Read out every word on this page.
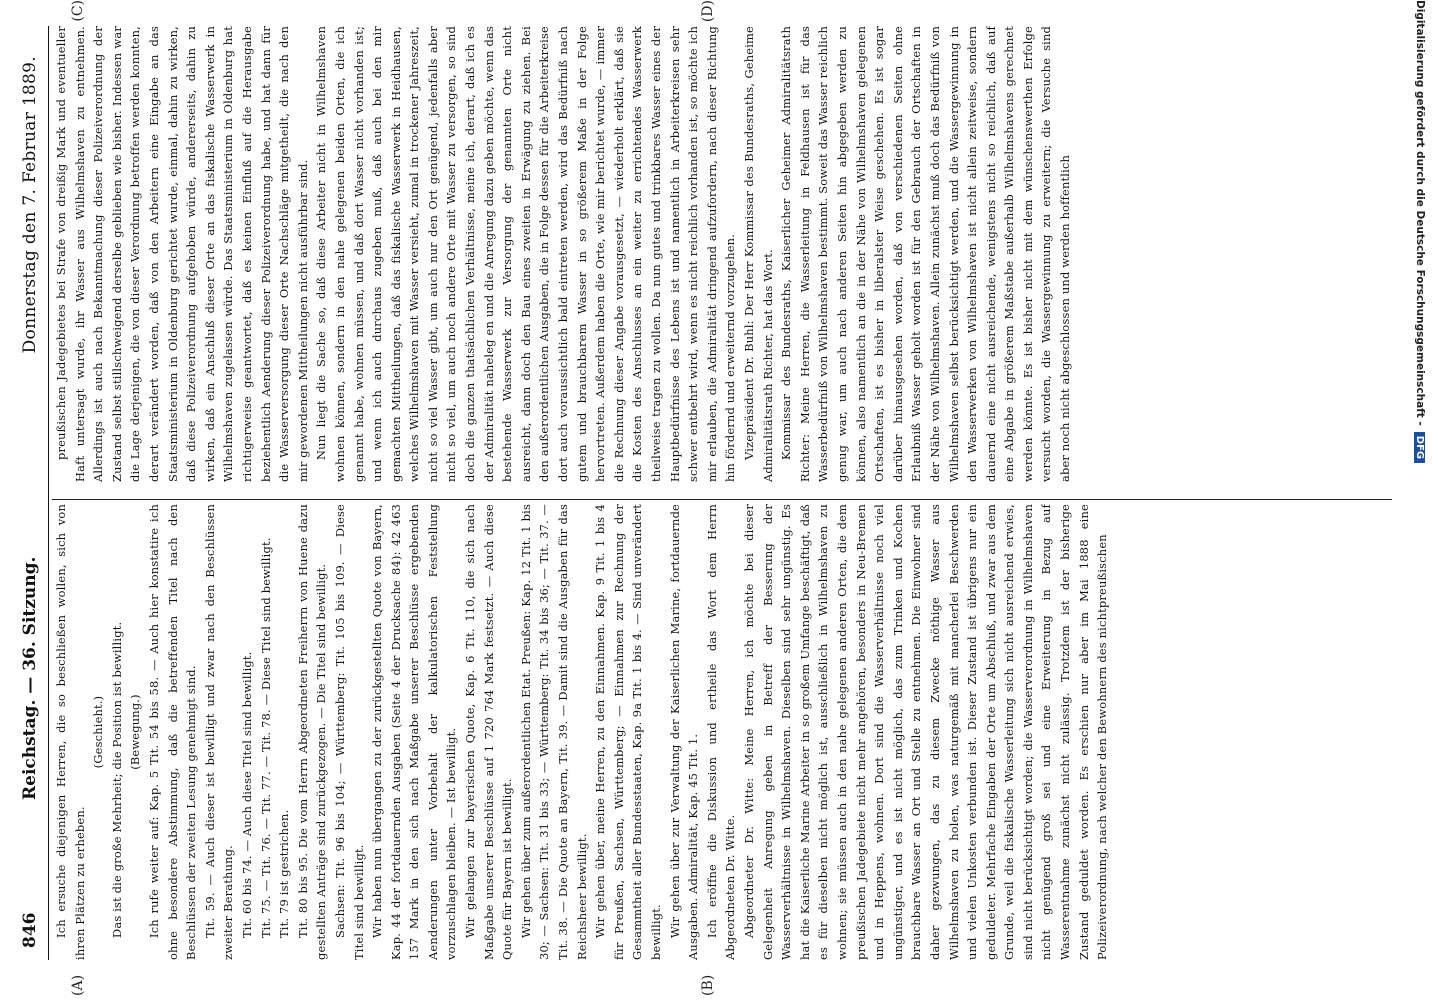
846
Reichstag. — 36. Sitzung.
Donnerstag den 7. Februar 1889.

Ich ersuche diejenigen Herren, die so beschließen wollen, sich von ihren Plätzen zu erheben.

(Geschieht.) Das ist die große Mehrheit; die Position ist bewilligt. (Bewegung.) Ich rufe weiter auf: Kap. 5 Tit. 54 bis 58. — Auch hier konstatire ich ohne besondere Abstimmung, daß die betreffenden Titel nach den Beschlüssen der zweiten Lesung genehmigt sind. Tit. 59. — Auch dieser ist bewilligt und zwar nach den Beschlüssen zweiter Berathung. Tit. 60 bis 74. — Auch diese Titel sind bewilligt. Tit. 75. — Tit. 76. — Tit. 77. — Tit. 78. — Diese Titel sind bewilligt. Tit. 79 ist gestrichen. Tit. 80 bis 95. Die vom Herrn Abgeordneten Freiherrn von Huene dazu gestellten Anträge sind zurückgezogen. — Die Titel sind bewilligt. Sachsen: Tit. 96 bis 104; — Württemberg: Tit. 105 bis 109. — Diese Titel sind bewilligt. Wir haben nun übergangen zu der zurückgestellten Quote von Bayern, Kap. 44 der fortdauernden Ausgaben (Seite 4 der Drucksache 84): 42 463 157 Mark in den sich nach Maßgabe unserer Beschlüsse ergebenden Aenderungen unter Vorbehalt der kalkulatorischen Feststellung vorzuschlagen bleiben. — Ist bewilligt. Wir gelangen zur bayerischen Quote, Kap. 6 Tit. 110, die sich nach Maßgabe unserer Beschlüsse auf 1 720 764 Mark festsetzt. — Auch diese Quote für Bayern ist bewilligt. Wir gehen über zum außerordentlichen Etat. Preußen: Kap. 12 Tit. 1 bis 30; — Sachsen: Tit. 31 bis 33; — Württemberg: Tit. 34 bis 36; — Tit. 37. — Tit. 38. — Die Quote an Bayern, Tit. 39. — Damit sind die Ausgaben für das Reichsheer bewilligt. Wir gehen über, meine Herren, zu den Einnahmen. Kap. 9 Tit. 1 bis 4 für Preußen, Sachsen, Württemberg; — Einnahmen zur Rechnung der Gesammtheit aller Bundesstaaten, Kap. 9a Tit. 1 bis 4. — Sind unverändert bewilligt. Wir gehen über zur Verwaltung der Kaiserlichen Marine, fortdauernde Ausgaben. Admiralität, Kap. 45 Tit. 1. Ich eröffne die Diskussion und ertheile das Wort dem Herrn Abgeordneten Dr. Witte. Abgeordneter Dr. Witte: Meine Herren, ich möchte bei dieser Gelegenheit Anregung geben in Betreff der Besserung der Wasserverhältnisse in Wilhelmshaven. Dieselben sind sehr ungünstig. Es hat die Kaiserliche Marine Arbeiter in so großem Umfange beschäftigt, daß es für dieselben nicht möglich ist, ausschließlich in Wilhelmshaven zu wohnen; sie müssen auch in den nahe gelegenen anderen Orten, die dem preußischen Jadegebiete nicht mehr angehören, besonders in Neu-Bremen und in Heppens, wohnen. Dort sind die Wasserverhältnisse noch viel ungünstiger, und es ist nicht möglich, das zum Trinken und Kochen brauchbare Wasser an Ort und Stelle zu entnehmen. Die Einwohner sind daher gezwungen, das zu diesem Zwecke nöthige Wasser aus Wilhelmshaven zu holen, was naturgemäß mit mancherlei Beschwerden und vielen Unkosten verbunden ist. Dieser Zustand ist übrigens nur ein geduldeter. Mehrfache Eingaben der Orte um Abschluß, und zwar aus dem Grunde, weil die fiskalische Wasserleitung sich nicht ausreichend erwies, sind nicht berücksichtigt worden; die Wasserverordnung in Wilhelmshaven nicht genügend groß sei und eine Erweiterung in Bezug auf Wasserentnahme zunächst nicht zulässig. Trotzdem ist der bisherige Zustand geduldet worden. Es erschien nur aber im Mai 1888 eine Polizeiverordnung, nach welcher den Bewohnern des nichtpreußischen

preußischen Jadegebietes bei Strafe von dreißig Mark und eventueller Haft untersagt wurde, ihr Wasser aus Wilhelmshaven zu entnehmen. Allerdings ist auch nach Bekanntmachung dieser Polizeiverordnung der Zustand selbst stillschweigend derselbe geblieben wie bisher. Indessen war die Lage derjenigen, die von dieser Verordnung betroffen werden konnten, derart verändert worden, daß von den Arbeitern eine Eingabe an das Staatsministerium in Oldenburg gerichtet wurde, einmal, dahin zu wirken, daß diese Polizeiverordnung aufgehoben würde, andererseits, dahin zu wirken, daß ein Anschluß dieser Orte an das fiskalische Wasserwerk in Wilhelmshaven zugelassen würde. Das Staatsministerium in Oldenburg hat richtigerweise geantwortet, daß es keinen Einfluß auf die Herausgabe beziehentlich Aenderung dieser Polizeiverordnung habe, und hat dann für die Wasserversorgung dieser Orte Nachschläge mitgetheilt, die nach den mir gewordenen Mittheilungen nicht ausführbar sind. Nun liegt die Sache so, daß diese Arbeiter nicht in Wilhelmshaven wohnen können, sondern in den nahe gelegenen beiden Orten, die ich genannt habe, wohnen müssen, und daß dort Wasser nicht vorhanden ist; und wenn ich auch durchaus zugeben muß, daß auch bei den mir gemachten Mittheilungen, daß das fiskalische Wasserwerk in Heidhausen, welches Wilhelmshaven mit Wasser versieht, zumal in trockener Jahreszeit, nicht so viel Wasser gibt, um auch nur den Ort genügend, jedenfalls aber nicht so viel, um auch noch andere Orte mit Wasser zu versorgen, so sind doch die ganzen thatsächlichen Verhältnisse, meine ich, derart, daß ich es der Admiralität naheleg en und die Anregung dazu geben möchte, wenn das bestehende Wasserwerk zur Versorgung der genannten Orte nicht ausreicht, dann doch den Bau eines zweiten in Erwägung zu ziehen. Bei den außerordentlichen Ausgaben, die in Folge dessen für die Arbeiterkreise dort auch voraussichtlich bald eintreten werden, wird das Bedürfniß nach gutem und brauchbarem Wasser in so größerem Maße in der Folge hervortreten. Außerdem haben die Orte, wie mir berichtet wurde, — immer die Rechnung dieser Angabe vorausgesetzt, — wiederholt erklärt, daß sie die Kosten des Anschlusses an ein weiter zu errichtendes Wasserwerk theilweise tragen zu wollen. Da nun gutes und trinkbares Wasser eines der Hauptbedürfnisse des Lebens ist und namentlich in Arbeiterkreisen sehr schwer entbehrt wird, wenn es nicht reichlich vorhanden ist, so möchte ich mir erlauben, die Admiralität dringend aufzufordern, nach dieser Richtung hin fördernd und erweiternd vorzugehen. Vizepräsident Dr. Buhl: Der Herr Kommissar des Bundesraths, Geheime Admiralitätsrath Richter, hat das Wort. Kommissar des Bundesraths, Kaiserlicher Geheimer Admiralitätsrath Richter: Meine Herren, die Wasserleitung in Feldhausen ist für das Wasserbedürfniß von Wilhelmshaven bestimmt. Soweit das Wasser reichlich genug war, um auch nach anderen Seiten hin abgegeben werden zu können, also namentlich an die in der Nähe von Wilhelmshaven gelegenen Ortschaften, ist es bisher in liberalster Weise geschehen. Es ist sogar darüber hinausgesehen worden, daß von verschiedenen Seiten ohne Erlaubniß Wasser geholt worden ist für den Gebrauch der Ortschaften in der Nähe von Wilhelmshaven. Allein zunächst muß doch das Bedürfniß von Wilhelmshaven selbst berücksichtigt werden, und die Wassergewinnung in den Wasserwerken von Wilhelmshaven ist nicht allein zeitweise, sondern dauernd eine nicht ausreichende, wenigstens nicht so reichlich, daß auf eine Abgabe in größerem Maßstabe außerhalb Wilhelmshavens gerechnet werden könnte. Es ist bisher nicht mit dem wünschenswerthen Erfolge versucht worden, die Wassergewinnung zu erweitern; die Versuche sind aber noch nicht abgeschlossen und werden hoffentlich

(A)	(B)
(C)	(D)	Digitalisierung gefördert durch die Deutsche Forschungsgemeinschaft -DFG
